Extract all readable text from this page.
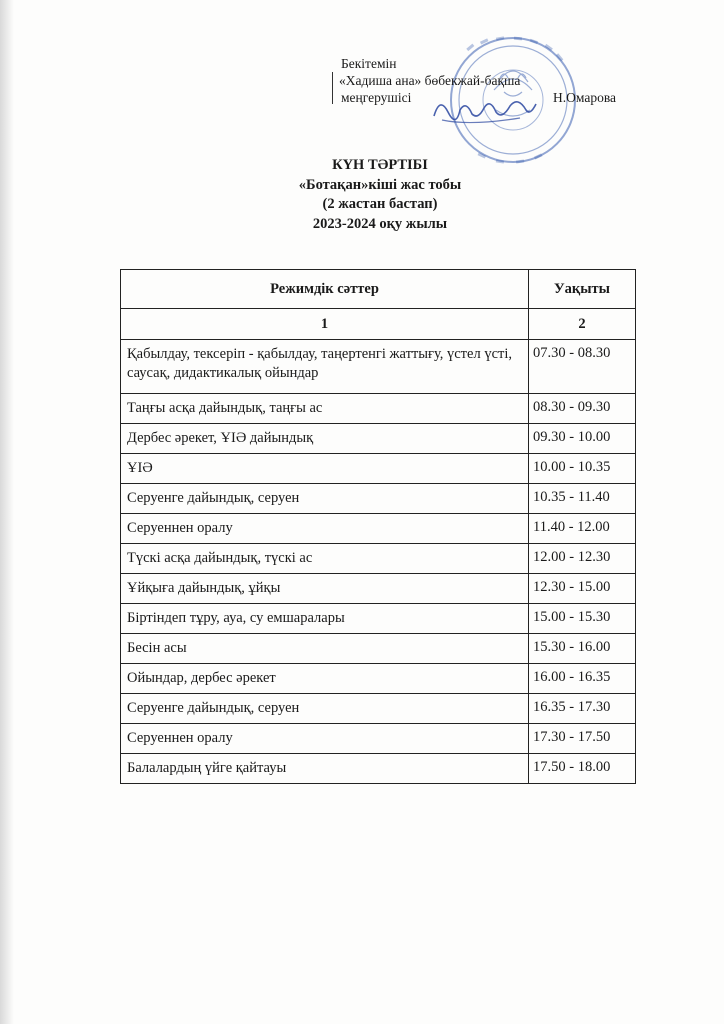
Бекітемін
«Хадиша ана» бөбекжай-бақша
меңгерушісі	Н.Омарова
КҮН ТӘРТІБІ
«Ботақан»кіші жас тобы
(2 жастан бастап)
2023-2024 оқу жылы
Режимдік сәттер	Уақыты
1	2
Қабылдау, тексеріп - қабылдау, таңертенгі жаттығу, үстел үсті, саусақ, дидактикалық ойындар	07.30 - 08.30
Таңғы асқа дайындық, таңғы ас	08.30 - 09.30
Дербес әрекет, ҰІӘ дайындық	09.30 - 10.00
ҰІӘ	10.00 - 10.35
Серуенге дайындық, серуен	10.35 - 11.40
Серуеннен оралу	11.40 - 12.00
Түскі асқа дайындық, түскі ас	12.00 - 12.30
Ұйқыға дайындық, ұйқы	12.30 - 15.00
Біртіндеп тұру, ауа, су емшаралары	15.00 - 15.30
Бесін асы	15.30 - 16.00
Ойындар, дербес әрекет	16.00 - 16.35
Серуенге дайындық, серуен	16.35 - 17.30
Серуеннен оралу	17.30 - 17.50
Балалардың үйге қайтауы	17.50 - 18.00
